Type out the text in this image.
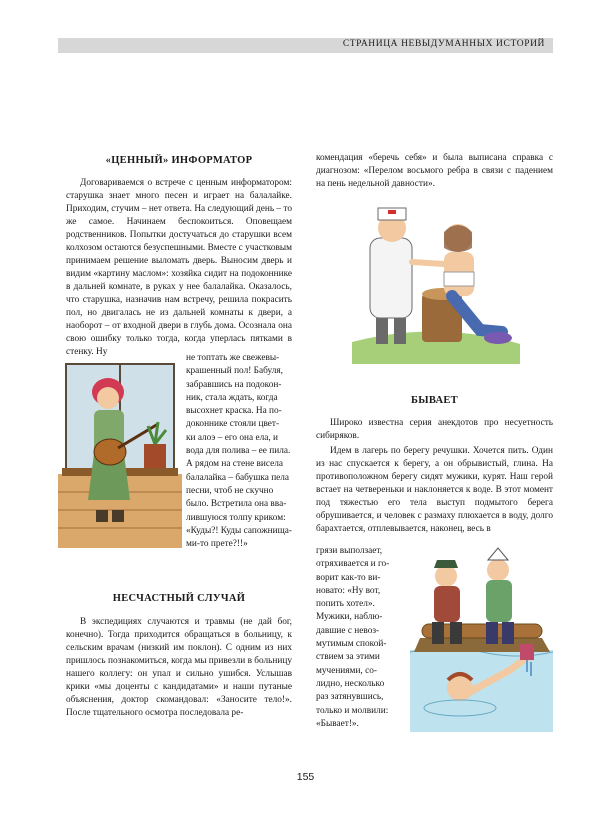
СТРАНИЦА НЕВЫДУМАННЫХ ИСТОРИЙ
«ЦЕННЫЙ» ИНФОРМАТОР

Договариваемся о встрече с ценным информатором: старушка знает много песен и играет на балалайке. Приходим, стучим – нет ответа. На следующий день – то же самое. Начинаем беспокоиться. Оповещаем родственников. Попытки достучаться до старушки всем колхозом остаются безуспешными. Вместе с участковым принимаем решение выломать дверь. Выносим дверь и видим «картину маслом»: хозяйка сидит на подоконнике в дальней комнате, в руках у нее балалайка. Оказалось, что старушка, назначив нам встречу, решила покрасить пол, но двигалась не из дальней комнаты к двери, а наоборот – от входной двери в глубь дома. Осознала она свою ошибку только тогда, когда уперлась пятками в стенку. Ну

не топтать же свежевы-
крашенный пол! Бабуля,
забравшись на подокон-
ник, стала ждать, когда
высохнет краска. На по-
доконнике стояли цвет-
ки алоэ – его она ела, и
вода для полива – ее пила.
А рядом на стене висела
балалайка – бабушка пела
песни, чтоб не скучно
было. Встретила она ввa-
лившуюся толпу криком:
«Куды?! Куды сапожнища-
ми-то прете?!!»
НЕСЧАСТНЫЙ СЛУЧАЙ

В экспедициях случаются и травмы (не дай бог, конечно). Тогда приходится обращаться в больницу, к сельским врачам (низкий им поклон). С одним из них пришлось познакомиться, когда мы привезли в больницу нашего коллегу: он упал и сильно ушибся. Услышав крики «мы доценты с кандидатами» и наши путаные объяснения, доктор скомандовал: «Заносите тело!». После тщательного осмотра последовала ре-

комендация «беречь себя» и была выписана справка с диагнозом: «Перелом восьмого ребра в связи с падением на пень недельной давности».

БЫВАЕТ

Широко известна серия анекдотов про несуетность сибиряков.

Идем в лагерь по берегу речушки. Хочется пить. Один из нас спускается к берегу, а он обрывистый, глина. На противоположном берегу сидят мужики, курят. Наш герой встает на четвереньки и наклоняется к воде. В этот момент под тяжестью его тела выступ подмытого берега обрушивается, и человек с размаху плюхается в воду, долго барахтается, отплевывается, наконец, весь в

грязи выползает,
отряхивается и го-
ворит как-то ви-
новато: «Ну вот,
попить хотел».
Мужики, наблю-
давшие с невоз-
мутимым спокой-
ствием за этими
мучениями, со-
лидно, несколько
раз затянувшись,
только и молвили:
«Бывает!».
155
